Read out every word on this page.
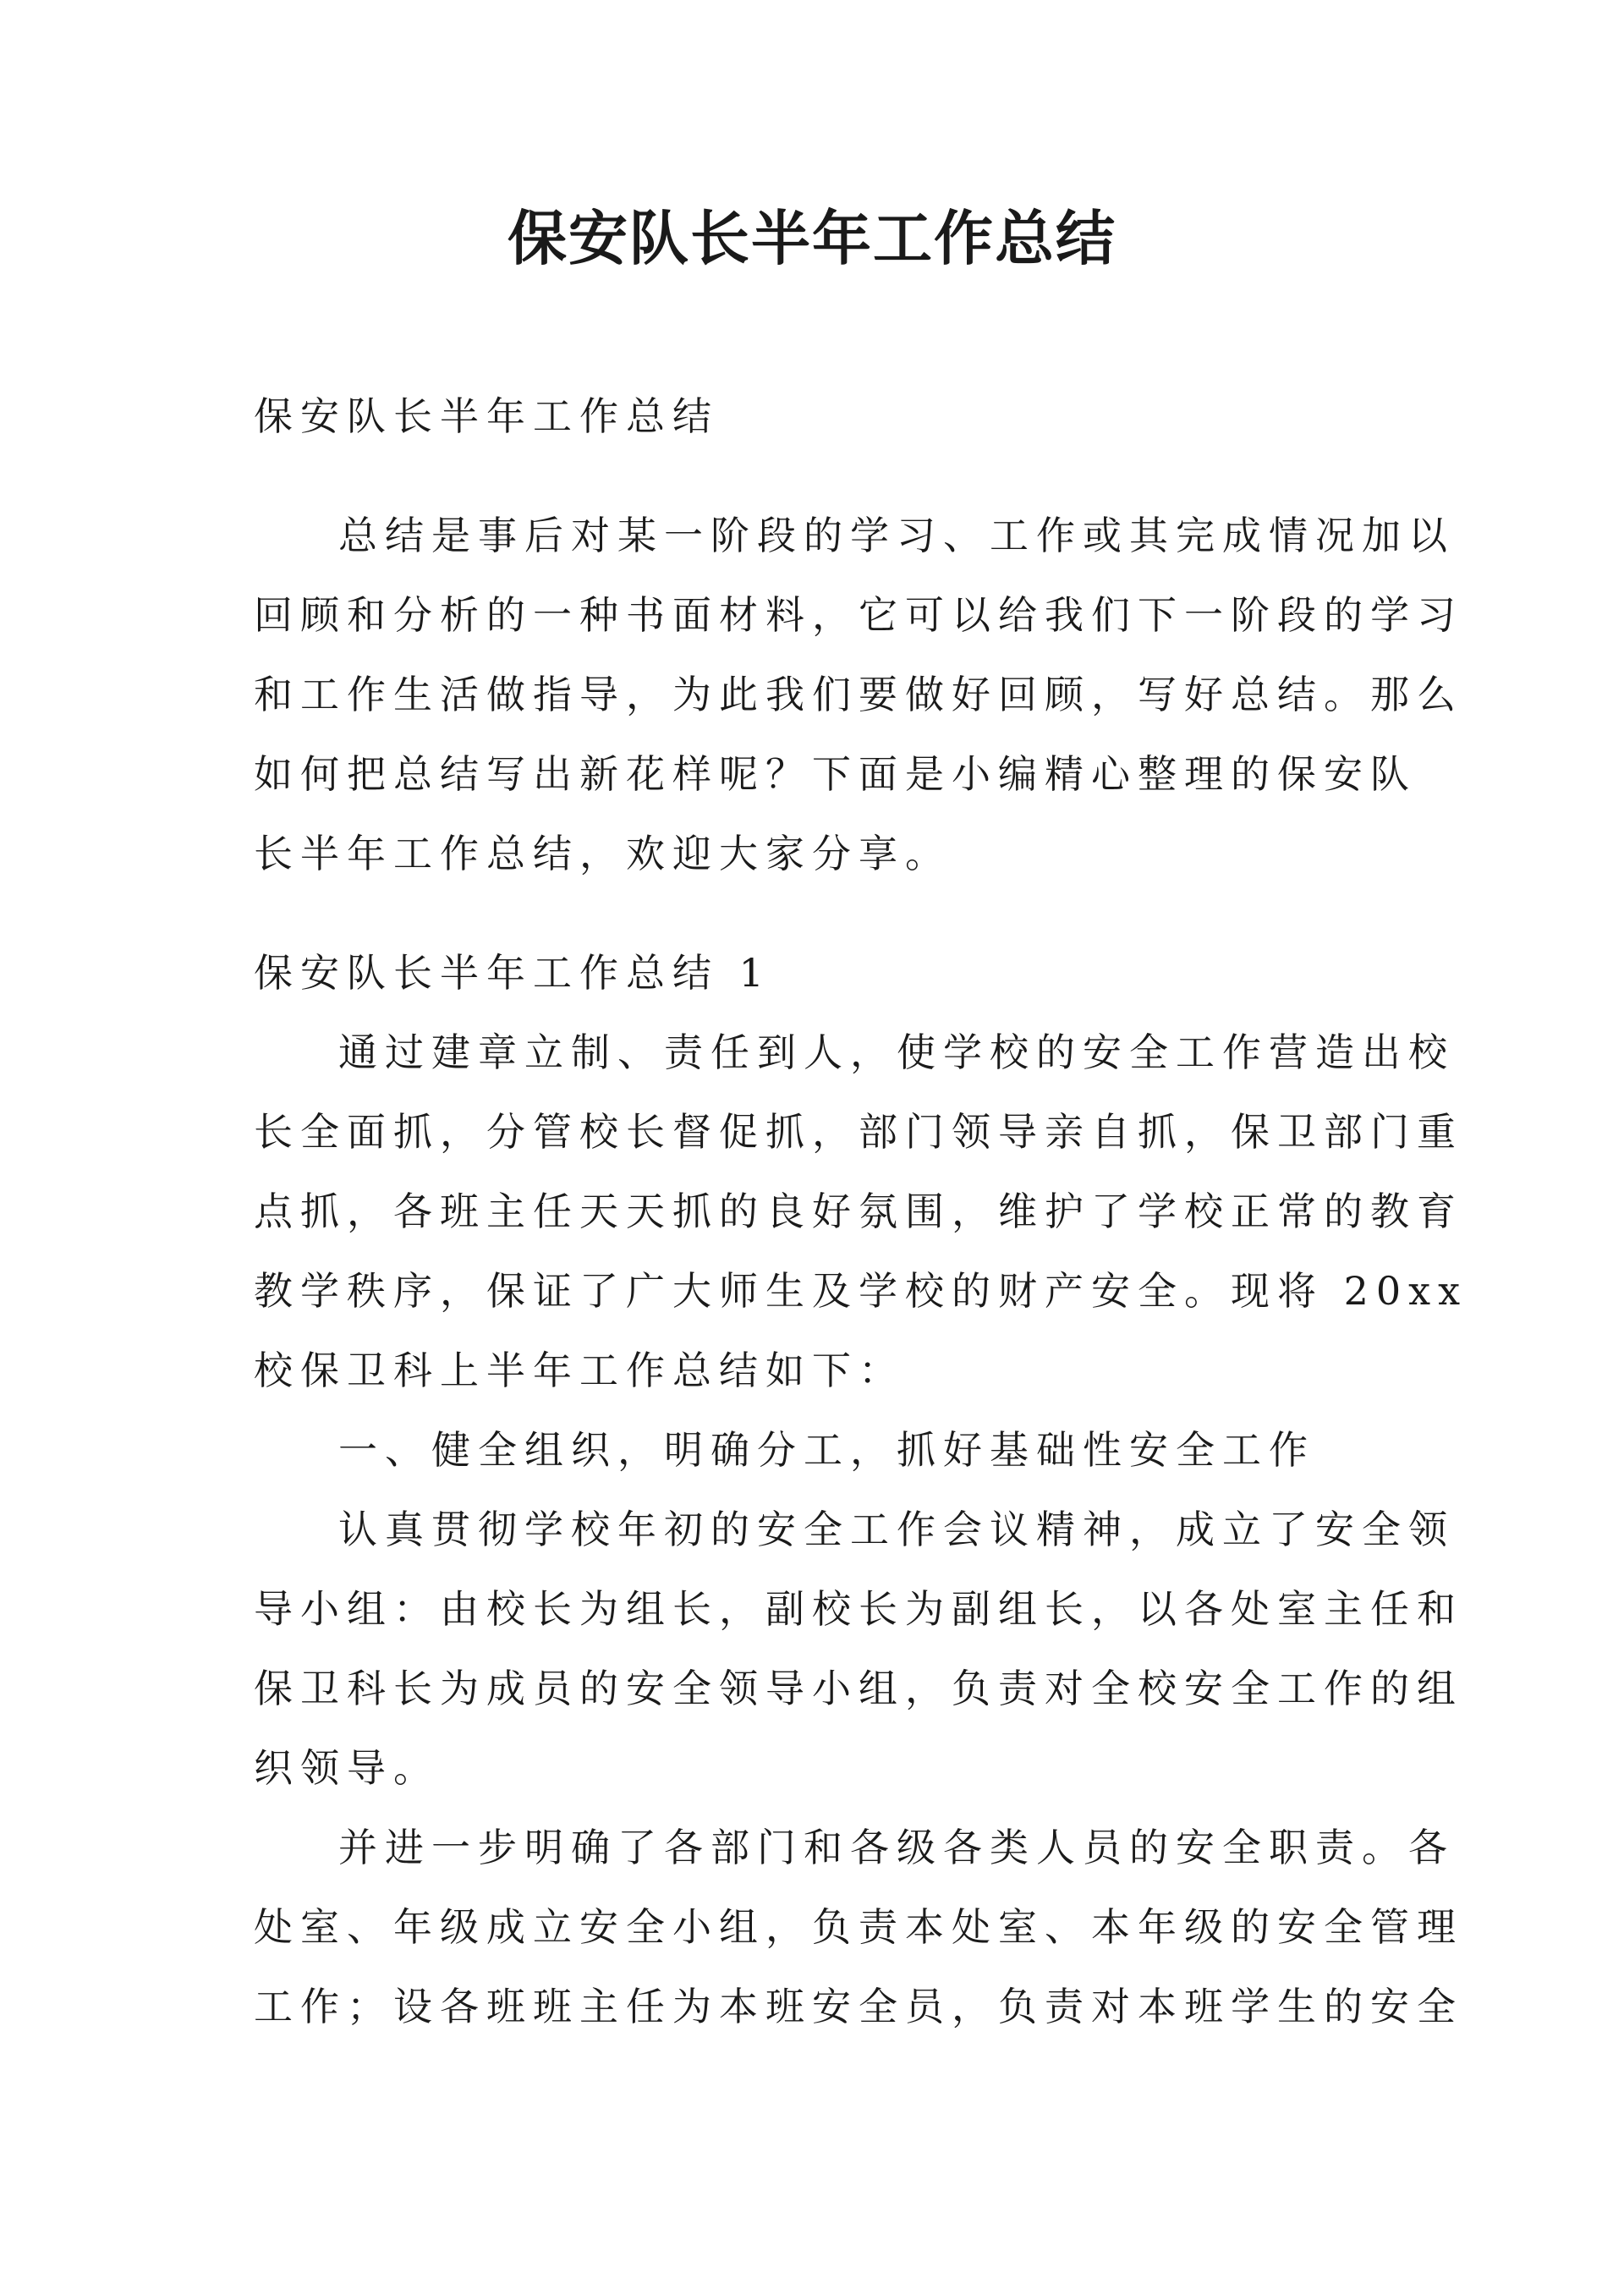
保安队长半年工作总结
保安队长半年工作总结
总结是事后对某一阶段的学习、工作或其完成情况加以
回顾和分析的一种书面材料，它可以给我们下一阶段的学习
和工作生活做指导，为此我们要做好回顾，写好总结。那么
如何把总结写出新花样呢？下面是小编精心整理的保安队
长半年工作总结，欢迎大家分享。
保安队长半年工作总结 1
通过建章立制、责任到人，使学校的安全工作营造出校
长全面抓，分管校长督促抓，部门领导亲自抓，保卫部门重
点抓，各班主任天天抓的良好氛围，维护了学校正常的教育
教学秩序，保证了广大师生及学校的财产安全。现将 20xx
校保卫科上半年工作总结如下：
一、健全组织，明确分工，抓好基础性安全工作
认真贯彻学校年初的安全工作会议精神，成立了安全领
导小组：由校长为组长，副校长为副组长，以各处室主任和
保卫科长为成员的安全领导小组，负责对全校安全工作的组
织领导。
并进一步明确了各部门和各级各类人员的安全职责。各
处室、年级成立安全小组，负责本处室、本年级的安全管理
工作；设各班班主任为本班安全员，负责对本班学生的安全
